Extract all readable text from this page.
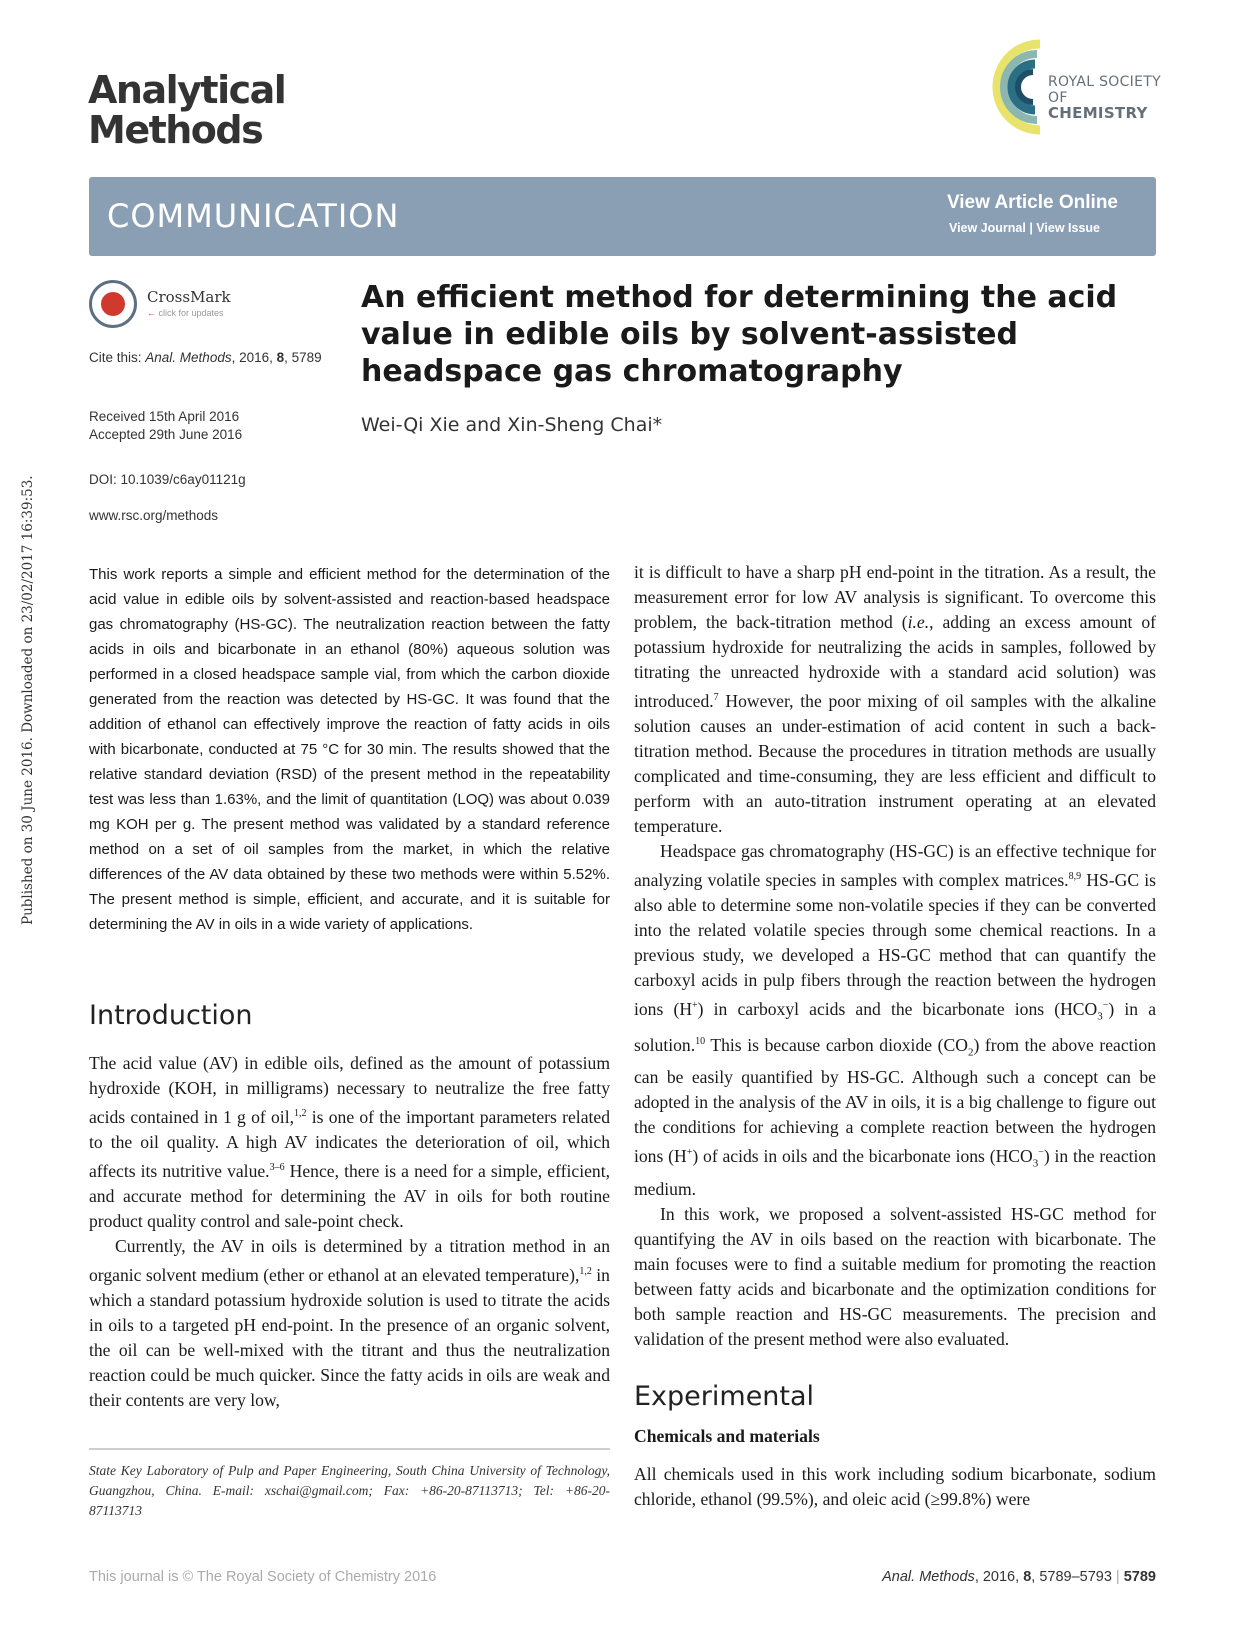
Analytical
Methods
ROYAL SOCIETY
OF CHEMISTRY
COMMUNICATION	View Article Online
View Journal | View Issue
CrossMark
← click for updates
Cite this: Anal. Methods, 2016, 8, 5789
Received 15th April 2016
Accepted 29th June 2016
DOI: 10.1039/c6ay01121g
www.rsc.org/methods
An efficient method for determining the acid value in edible oils by solvent-assisted headspace gas chromatography
Wei-Qi Xie and Xin-Sheng Chai*
Published on 30 June 2016. Downloaded on 23/02/2017 16:39:53.	This work reports a simple and efficient method for the determination of the acid value in edible oils by solvent-assisted and reaction-based headspace gas chromatography (HS-GC). The neutralization reaction between the fatty acids in oils and bicarbonate in an ethanol (80%) aqueous solution was performed in a closed headspace sample vial, from which the carbon dioxide generated from the reaction was detected by HS-GC. It was found that the addition of ethanol can effectively improve the reaction of fatty acids in oils with bicarbonate, conducted at 75 °C for 30 min. The results showed that the relative standard deviation (RSD) of the present method in the repeatability test was less than 1.63%, and the limit of quantitation (LOQ) was about 0.039 mg KOH per g. The present method was validated by a standard reference method on a set of oil samples from the market, in which the relative differences of the AV data obtained by these two methods were within 5.52%. The present method is simple, efficient, and accurate, and it is suitable for determining the AV in oils in a wide variety of applications.
Introduction

The acid value (AV) in edible oils, defined as the amount of potassium hydroxide (KOH, in milligrams) necessary to neutralize the free fatty acids contained in 1 g of oil,$^{1,2}$ is one of the important parameters related to the oil quality. A high AV indicates the deterioration of oil, which affects its nutritive value.$^{3-6}$ Hence, there is a need for a simple, efficient, and accurate method for determining the AV in oils for both routine product quality control and sale-point check.

Currently, the AV in oils is determined by a titration method in an organic solvent medium (ether or ethanol at an elevated temperature),$^{1,2}$ in which a standard potassium hydroxide solution is used to titrate the acids in oils to a targeted pH end-point. In the presence of an organic solvent, the oil can be well-mixed with the titrant and thus the neutralization reaction could be much quicker. Since the fatty acids in oils are weak and their contents are very low,

it is difficult to have a sharp pH end-point in the titration. As a result, the measurement error for low AV analysis is significant. To overcome this problem, the back-titration method (i.e., adding an excess amount of potassium hydroxide for neutralizing the acids in samples, followed by titrating the unreacted hydroxide with a standard acid solution) was introduced.$^7$ However, the poor mixing of oil samples with the alkaline solution causes an under-estimation of acid content in such a back-titration method. Because the procedures in titration methods are usually complicated and time-consuming, they are less efficient and difficult to perform with an auto-titration instrument operating at an elevated temperature.

Headspace gas chromatography (HS-GC) is an effective technique for analyzing volatile species in samples with complex matrices.$^{8,9}$ HS-GC is also able to determine some non-volatile species if they can be converted into the related volatile species through some chemical reactions. In a previous study, we developed a HS-GC method that can quantify the carboxyl acids in pulp fibers through the reaction between the hydrogen ions (H+) in carboxyl acids and the bicarbonate ions $(HCO_3^-)$ in a solution.$^{10}$ This is because carbon dioxide $(CO_2)$ from the above reaction can be easily quantified by HS-GC. Although such a concept can be adopted in the analysis of the AV in oils, it is a big challenge to figure out the conditions for achieving a complete reaction between the hydrogen ions (H+) of acids in oils and the bicarbonate ions $(HCO_3^-)$ in the reaction medium.

In this work, we proposed a solvent-assisted HS-GC method for quantifying the AV in oils based on the reaction with bicarbonate. The main focuses were to find a suitable medium for promoting the reaction between fatty acids and bicarbonate and the optimization conditions for both sample reaction and HS-GC measurements. The precision and validation of the present method were also evaluated.

Experimental
Chemicals and materials
All chemicals used in this work including sodium bicarbonate, sodium chloride, ethanol (99.5%), and oleic acid (≥99.8%) were
State Key Laboratory of Pulp and Paper Engineering, South China University of Technology, Guangzhou, China. E-mail: xschai@gmail.com; Fax: +86-20-87113713; Tel: +86-20-87113713
This journal is © The Royal Society of Chemistry 2016	Anal. Methods, 2016, 8, 5789–5793 | 5789
